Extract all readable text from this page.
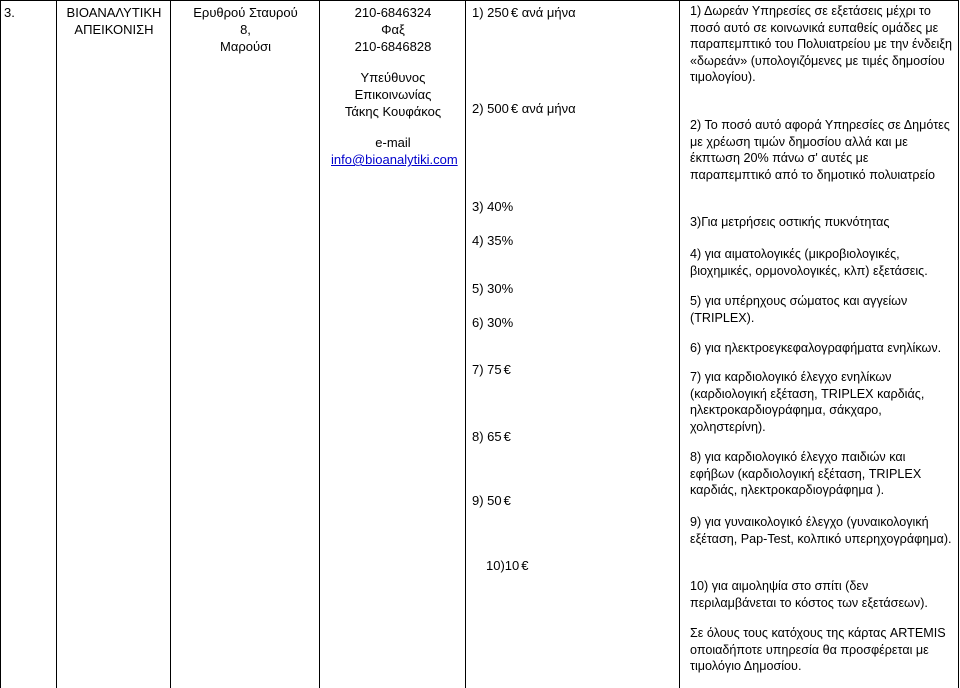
3.	ΒΙΟΑΝΑΛΥΤΙΚΗ
ΑΠΕΙΚΟΝΙΣΗ
Ερυθρού Σταυρού
8,
Μαρούσι
210-6846324
Φαξ
210-6846828
Υπεύθυνος
Επικοινωνίας
Τάκης Κουφάκος
e-mail
info@bioanalytiki.com
1) 250 € ανά μήνα
2) 500 € ανά μήνα
3) 40%
4) 35%
5) 30%
6) 30%
7) 75 €
8) 65 €
9) 50 €
10)10 €
1) Δωρεάν Υπηρεσίες σε εξετάσεις μέχρι το ποσό αυτό σε κοινωνικά ευπαθείς ομάδες με παραπεμπτικό του Πολυιατρείου με την ένδειξη «δωρεάν» (υπολογιζόμενες με τιμές δημοσίου τιμολογίου).
2) Το ποσό αυτό αφορά Υπηρεσίες σε Δημότες με χρέωση τιμών δημοσίου αλλά και με έκπτωση 20% πάνω σ' αυτές με παραπεμπτικό από το δημοτικό πολυιατρείο
3)Για μετρήσεις οστικής πυκνότητας
4) για αιματολογικές (μικροβιολογικές, βιοχημικές, ορμονολογικές, κλπ) εξετάσεις.
5) για υπέρηχους σώματος και αγγείων (TRIPLEX).
6) για ηλεκτροεγκεφαλογραφήματα ενηλίκων.
7) για καρδιολογικό έλεγχο ενηλίκων (καρδιολογική εξέταση, TRIPLEX καρδιάς, ηλεκτροκαρδιογράφημα, σάκχαρο, χοληστερίνη).
8) για καρδιολογικό έλεγχο παιδιών και εφήβων (καρδιολογική εξέταση, TRIPLEX καρδιάς, ηλεκτροκαρδιογράφημα ).
9) για γυναικολογικό έλεγχο (γυναικολογική εξέταση, Pap-Test, κολπικό υπερηχογράφημα).
10) για αιμοληψία στο σπίτι (δεν περιλαμβάνεται το κόστος των εξετάσεων).
Σε όλους τους κατόχους της κάρτας ARTEMIS οποιαδήποτε υπηρεσία θα προσφέρεται με τιμολόγιο Δημοσίου.
